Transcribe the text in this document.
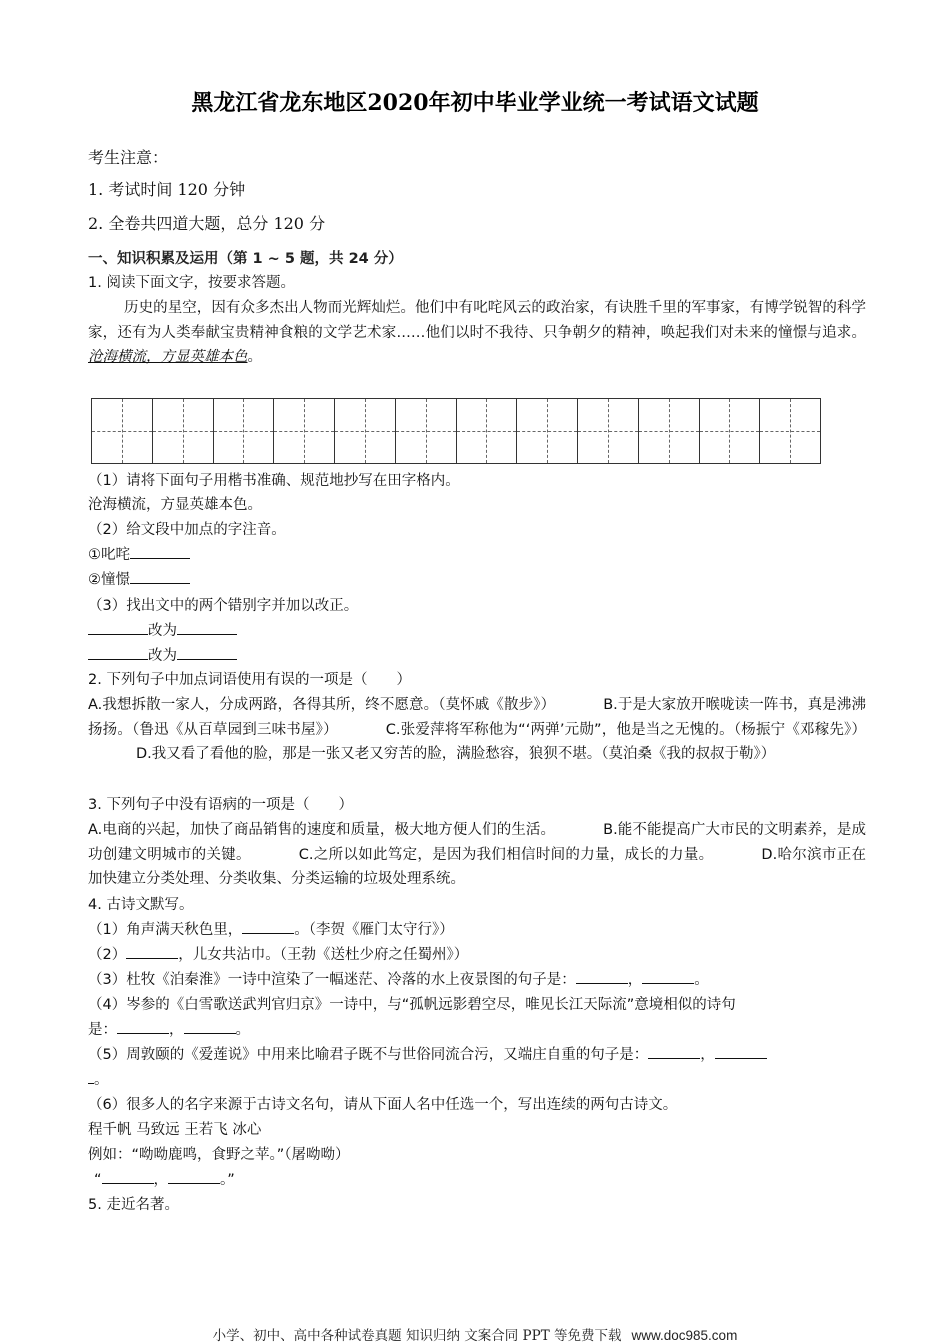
黑龙江省龙东地区2020年初中毕业学业统一考试语文试题
考生注意：
1. 考试时间 120 分钟
2. 全卷共四道大题，总分 120 分
一、知识积累及运用（第 1 ~ 5 题，共 24 分）
1. 阅读下面文字，按要求答题。
历史的星空，因有众多杰出人物而光辉灿烂。他们中有叱咤风云的政治家，有诀胜千里的军事家，有博学锐智的科学家，还有为人类奉献宝贵精神食粮的文学艺术家……他们以时不我待、只争朝夕的精神，唤起我们对未来的憧憬与追求。沧海横流，方显英雄本色。
（1）请将下面句子用楷书准确、规范地抄写在田字格内。
沧海横流，方显英雄本色。
（2）给文段中加点的字注音。
①叱咤
②憧憬
（3）找出文中的两个错别字并加以改正。
改为
改为
2. 下列句子中加点词语使用有误的一项是（　　）
A.我想拆散一家人，分成两路，各得其所，终不愿意。（莫怀戚《散步》）	B.于是大家放开喉咙读一阵书，真是沸沸扬扬。（鲁迅《从百草园到三味书屋》）	C.张爱萍将军称他为“‘两弹’元勋”，他是当之无愧的。（杨振宁《邓稼先》）D.我又看了看他的脸，那是一张又老又穷苦的脸，满脸愁容，狼狈不堪。（莫泊桑《我的叔叔于勒》）
3. 下列句子中没有语病的一项是（　　）
A.电商的兴起，加快了商品销售的速度和质量，极大地方便人们的生活。	B.能不能提高广大市民的文明素养，是成功创建文明城市的关键。	C.之所以如此笃定，是因为我们相信时间的力量，成长的力量。	D.哈尔滨市正在加快建立分类处理、分类收集、分类运输的垃圾处理系统。
4. 古诗文默写。
（1）角声满天秋色里，	。（李贺《雁门太守行》）
（2）	，儿女共沾巾。（王勃《送杜少府之任蜀州》）
（3）杜牧《泊秦淮》一诗中渲染了一幅迷茫、冷落的水上夜景图的句子是：	，	。
（4）岑参的《白雪歌送武判官归京》一诗中，与“孤帆远影碧空尽，唯见长江天际流”意境相似的诗句
是：	，	。
（5）周敦颐的《爱莲说》中用来比喻君子既不与世俗同流合污，又端庄自重的句子是：	，
。
（6）很多人的名字来源于古诗文名句，请从下面人名中任选一个，写出连续的两句古诗文。
程千帆 马致远 王若飞 冰心
例如：“呦呦鹿鸣，食野之苹。”（屠呦呦）
“	，	。”
5. 走近名著。
小学、初中、高中各种试卷真题 知识归纳 文案合同 PPT 等免费下载 www.doc985.com
